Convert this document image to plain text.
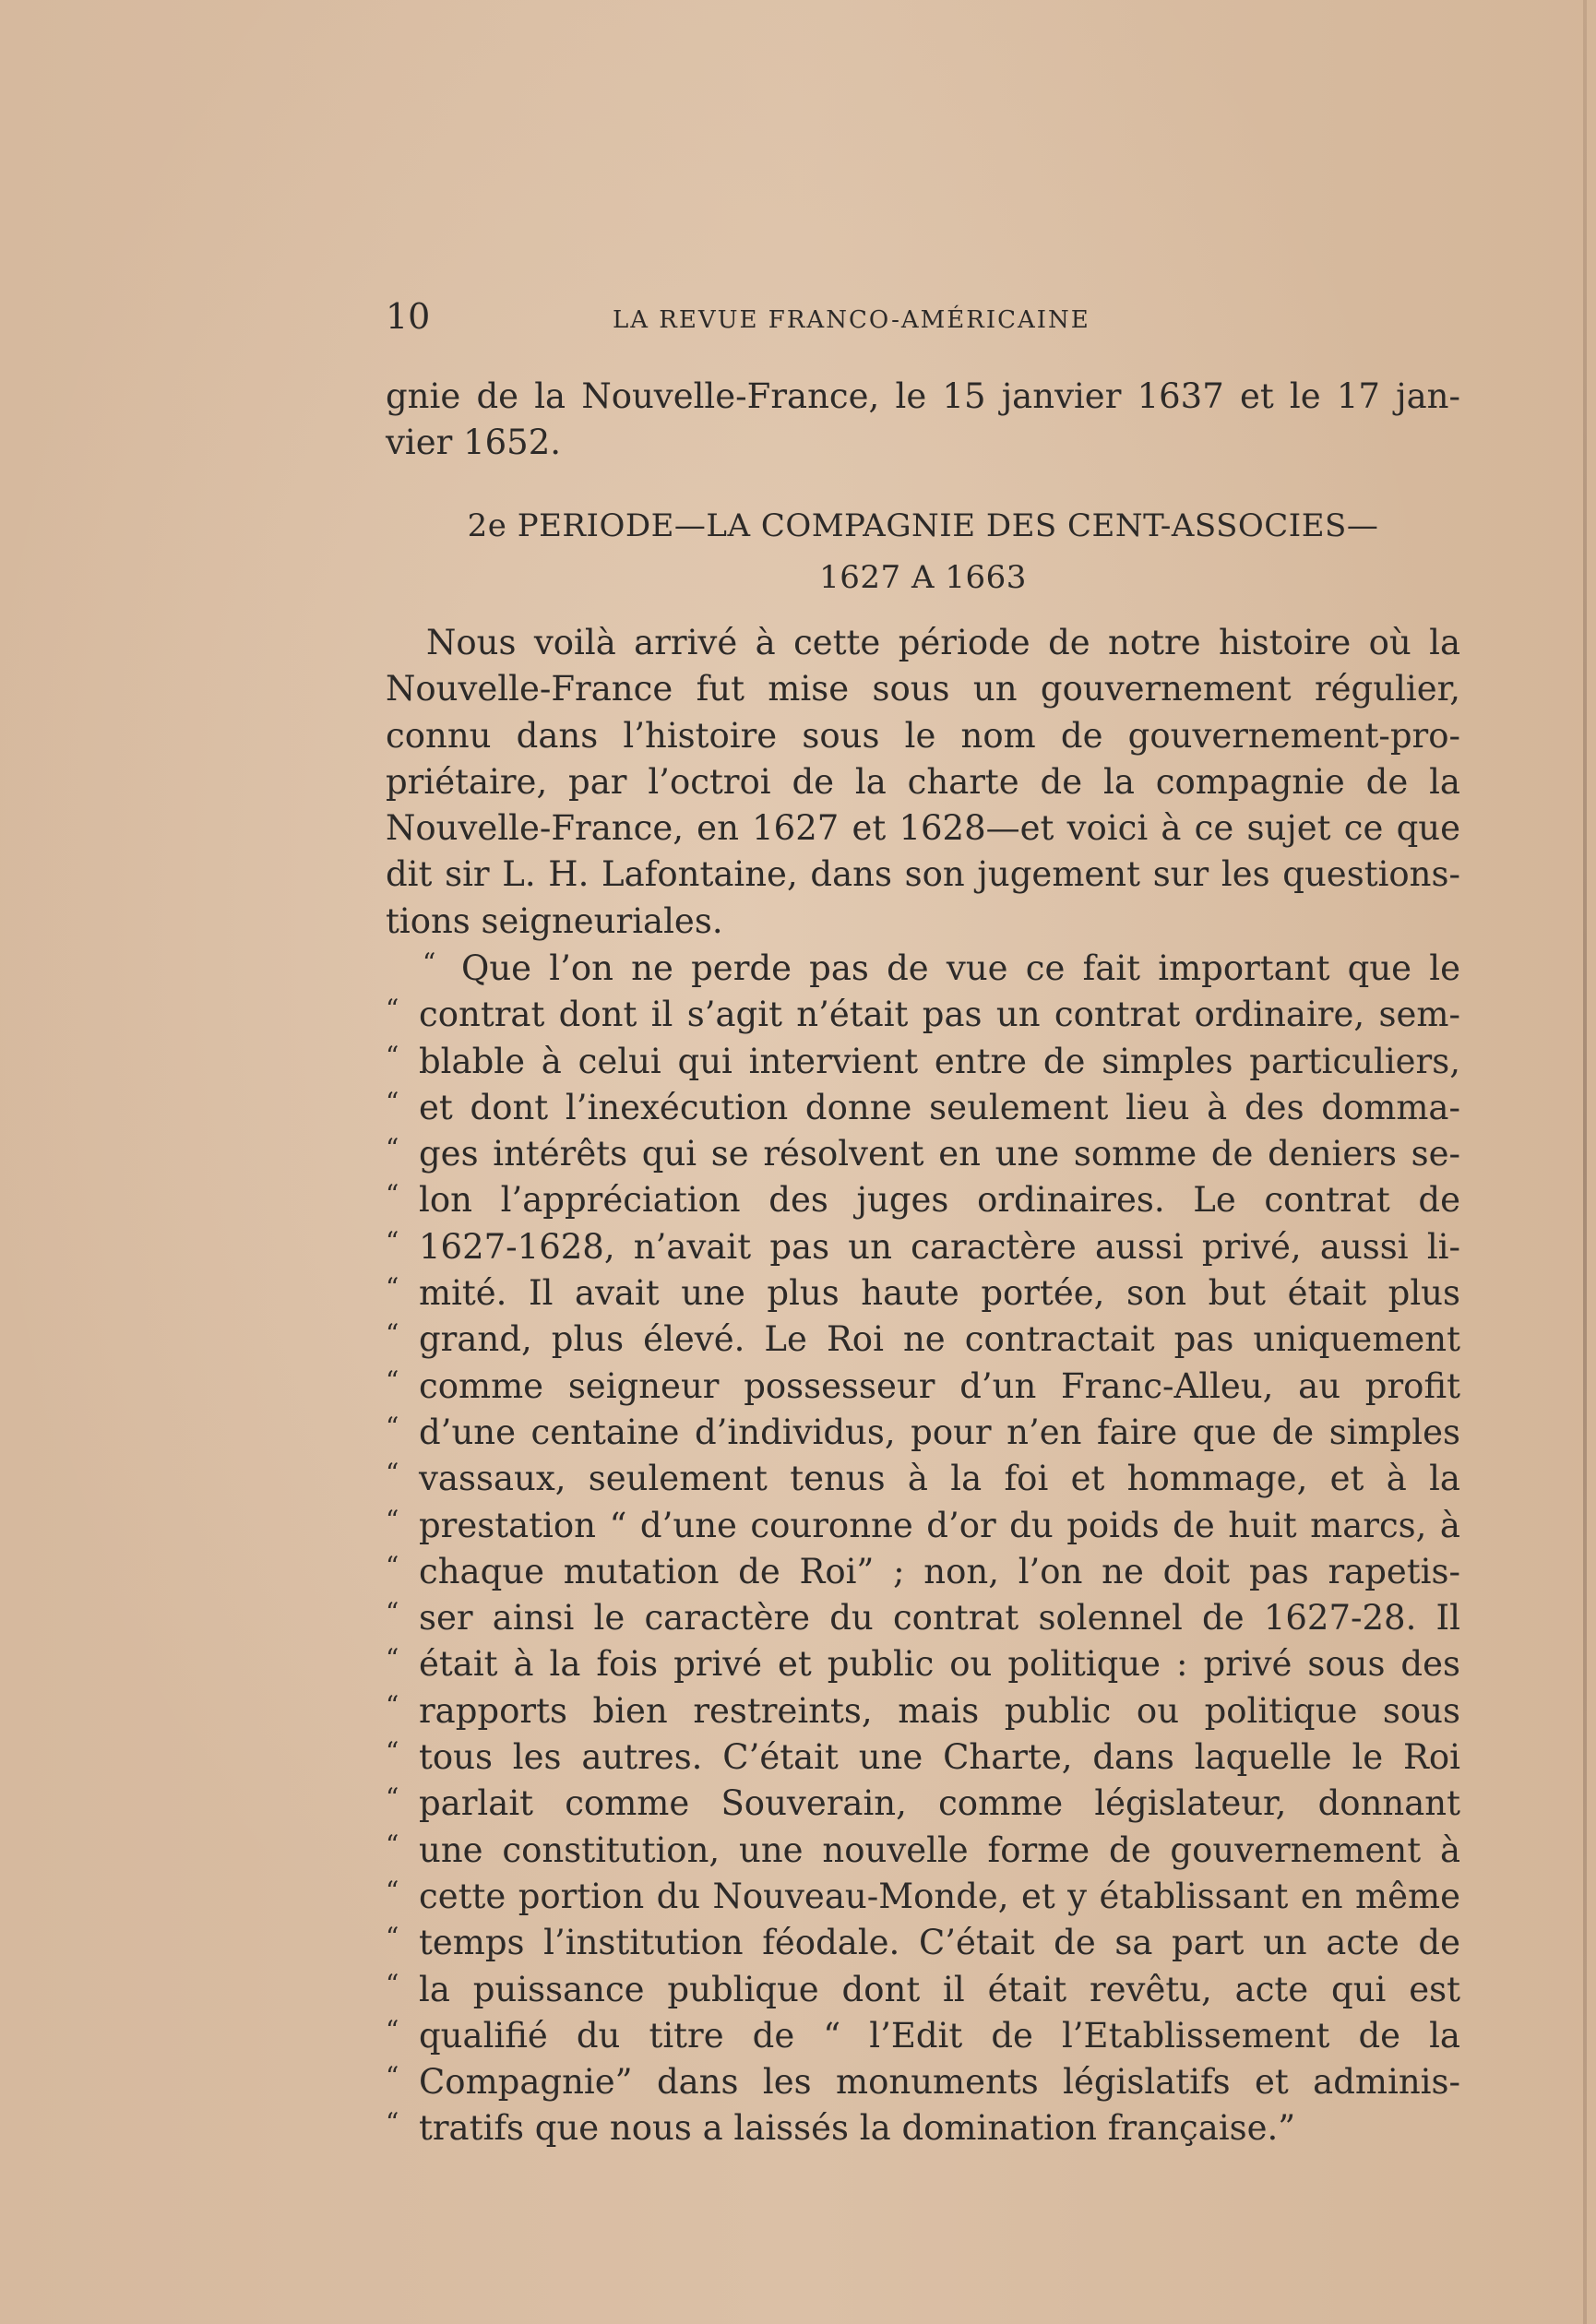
10	LA REVUE FRANCO-AMÉRICAINE
gnie de la Nouvelle-France, le 15 janvier 1637 et le 17 jan-
vier 1652.
2e PERIODE—LA COMPAGNIE DES CENT-ASSOCIES—
1627 A 1663
Nous voilà arrivé à cette période de notre histoire où la
Nouvelle-France fut mise sous un gouvernement régulier,
connu dans l’histoire sous le nom de gouvernement-pro-
priétaire, par l’octroi de la charte de la compagnie de la
Nouvelle-France, en 1627 et 1628—et voici à ce sujet ce que
dit sir L. H. Lafontaine, dans son jugement sur les questions-
tions seigneuriales.
“ Que l’on ne perde pas de vue ce fait important que le
“ contrat dont il s’agit n’était pas un contrat ordinaire, sem-
“ blable à celui qui intervient entre de simples particuliers,
“ et dont l’inexécution donne seulement lieu à des domma-
“ ges intérêts qui se résolvent en une somme de deniers se-
“ lon l’appréciation des juges ordinaires. Le contrat de
“ 1627-1628, n’avait pas un caractère aussi privé, aussi li-
“ mité. Il avait une plus haute portée, son but était plus
“ grand, plus élevé. Le Roi ne contractait pas uniquement
“ comme seigneur possesseur d’un Franc-Alleu, au profit
“ d’une centaine d’individus, pour n’en faire que de simples
“ vassaux, seulement tenus à la foi et hommage, et à la
“ prestation “ d’une couronne d’or du poids de huit marcs, à
“ chaque mutation de Roi” ; non, l’on ne doit pas rapetis-
“ ser ainsi le caractère du contrat solennel de 1627-28. Il
“ était à la fois privé et public ou politique : privé sous des
“ rapports bien restreints, mais public ou politique sous
“ tous les autres. C’était une Charte, dans laquelle le Roi
“ parlait comme Souverain, comme législateur, donnant
“ une constitution, une nouvelle forme de gouvernement à
“ cette portion du Nouveau-Monde, et y établissant en même
“ temps l’institution féodale. C’était de sa part un acte de
“ la puissance publique dont il était revêtu, acte qui est
“ qualifié du titre de “ l’Edit de l’Etablissement de la
“ Compagnie” dans les monuments législatifs et adminis-
“ tratifs que nous a laissés la domination française.”
